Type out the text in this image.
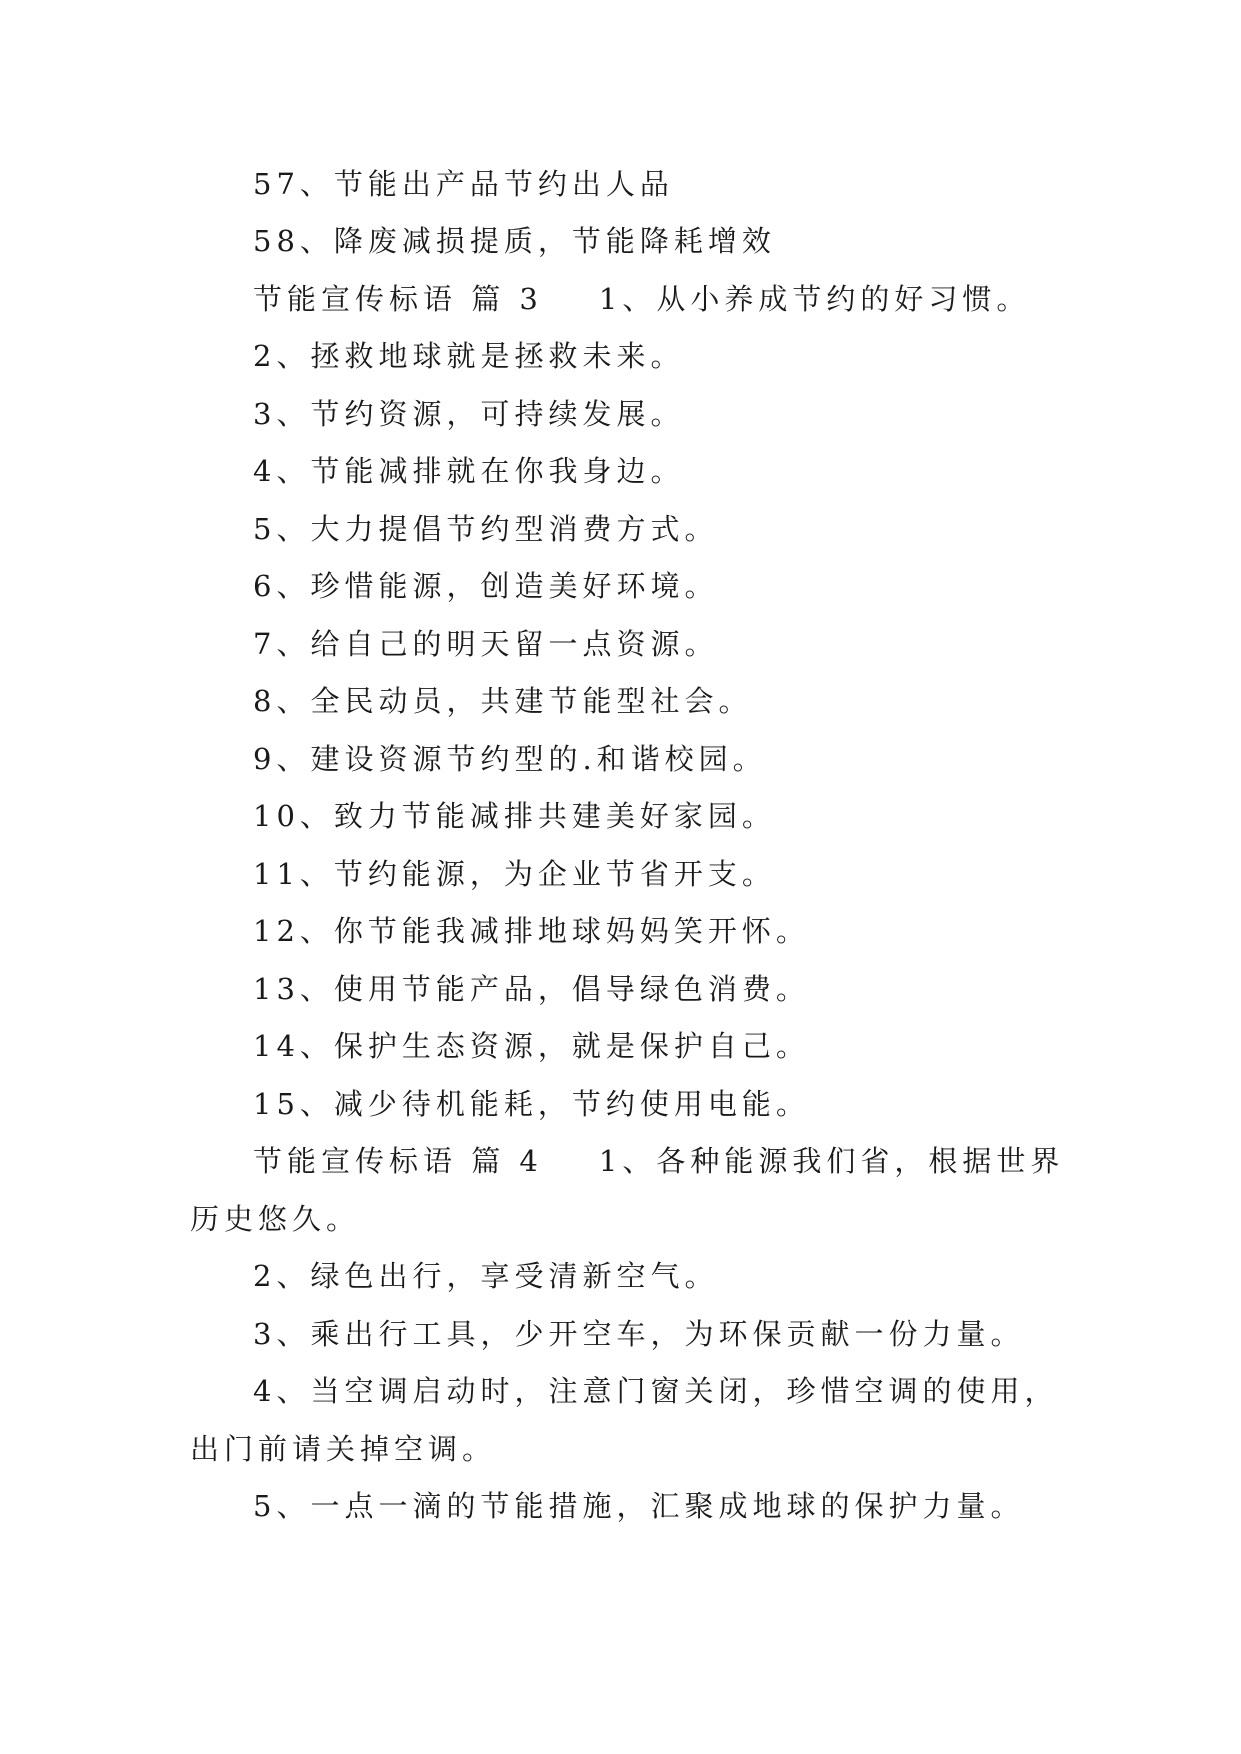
57、节能出产品节约出人品
58、降废减损提质，节能降耗增效
节能宣传标语 篇 3 1、从小养成节约的好习惯。
2、拯救地球就是拯救未来。
3、节约资源，可持续发展。
4、节能减排就在你我身边。
5、大力提倡节约型消费方式。
6、珍惜能源，创造美好环境。
7、给自己的明天留一点资源。
8、全民动员，共建节能型社会。
9、建设资源节约型的.和谐校园。
10、致力节能减排共建美好家园。
11、节约能源，为企业节省开支。
12、你节能我减排地球妈妈笑开怀。
13、使用节能产品，倡导绿色消费。
14、保护生态资源，就是保护自己。
15、减少待机能耗，节约使用电能。
节能宣传标语 篇 4 1、各种能源我们省，根据世界
历史悠久。
2、绿色出行，享受清新空气。
3、乘出行工具，少开空车，为环保贡献一份力量。
4、当空调启动时，注意门窗关闭，珍惜空调的使用，
出门前请关掉空调。
5、一点一滴的节能措施，汇聚成地球的保护力量。
